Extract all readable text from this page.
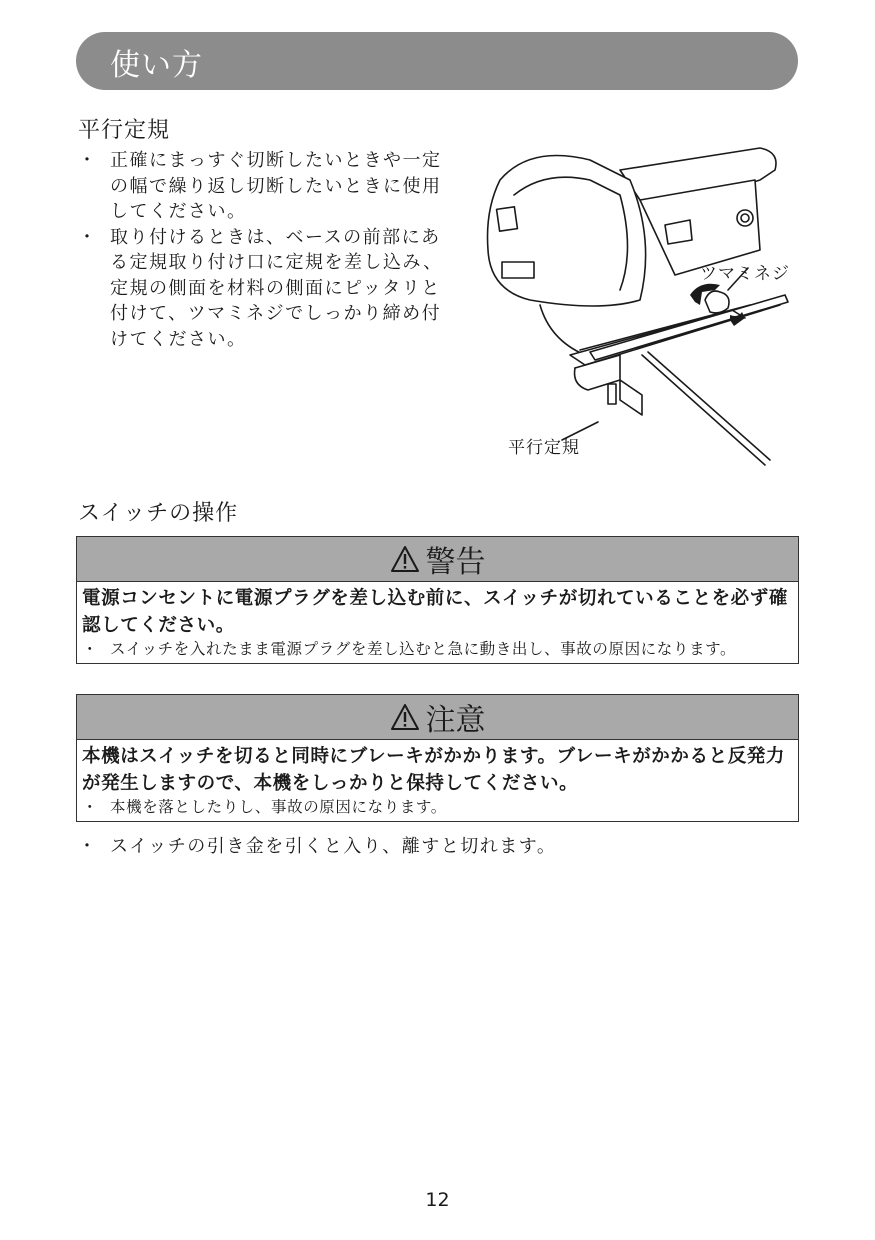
使い方
平行定規
・ 正確にまっすぐ切断したいときや一定の幅で繰り返し切断したいときに使用してください。
・ 取り付けるときは、ベースの前部にある定規取り付け口に定規を差し込み、定規の側面を材料の側面にピッタリと付けて、ツマミネジでしっかり締め付けてください。
ツマミネジ
平行定規
スイッチの操作
警告
電源コンセントに電源プラグを差し込む前に、スイッチが切れていることを必ず確認してください。
・ スイッチを入れたまま電源プラグを差し込むと急に動き出し、事故の原因になります。
注意
本機はスイッチを切ると同時にブレーキがかかります。ブレーキがかかると反発力が発生しますので、本機をしっかりと保持してください。
・ 本機を落としたりし、事故の原因になります。
・ スイッチの引き金を引くと入り、離すと切れます。
12
